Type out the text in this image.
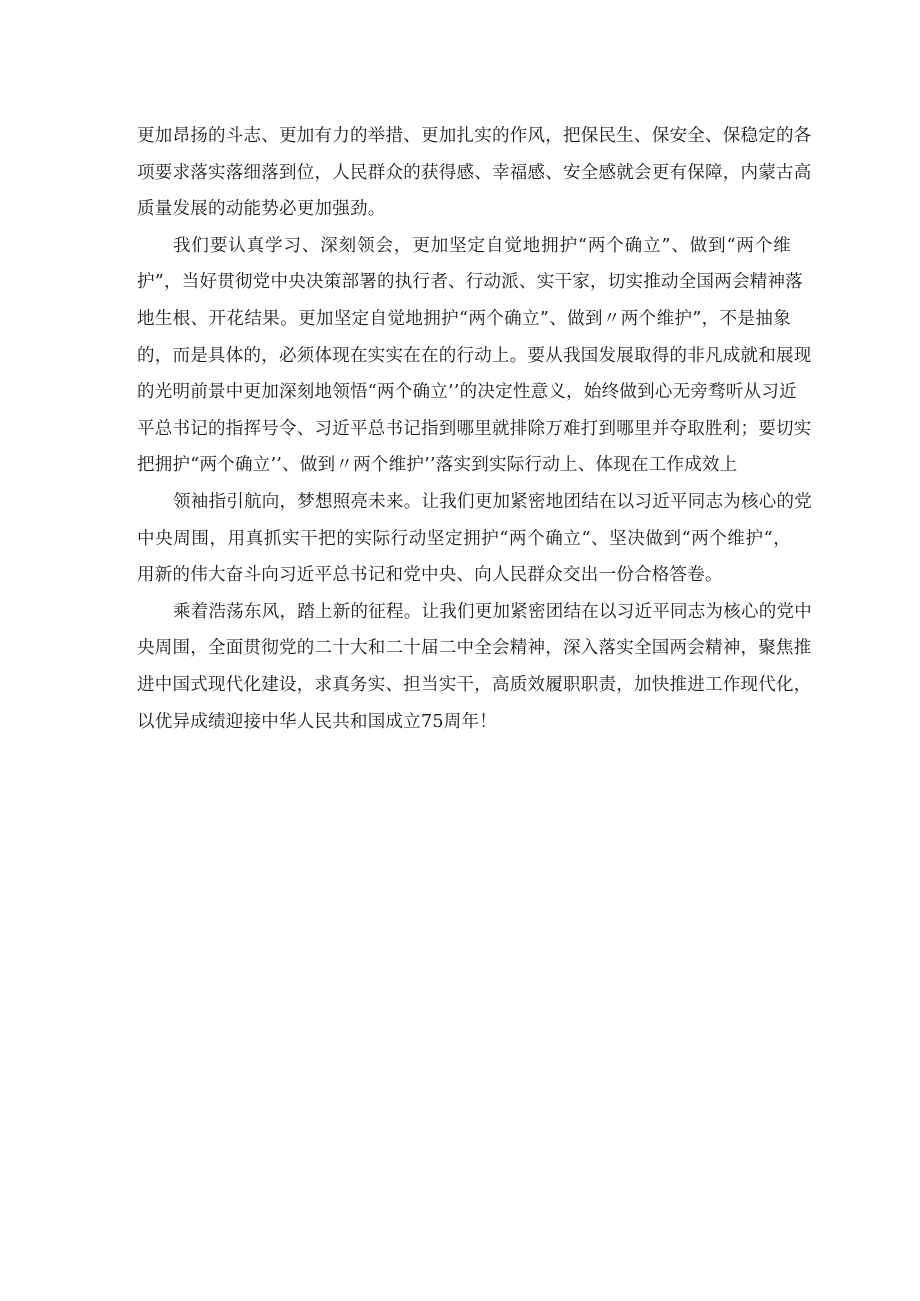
更加昂扬的斗志、更加有力的举措、更加扎实的作风，把保民生、保安全、保稳定的各
项要求落实落细落到位，人民群众的获得感、幸福感、安全感就会更有保障，内蒙古高
质量发展的动能势必更加强劲。
我们要认真学习、深刻领会，更加坚定自觉地拥护“两个确立”、做到“两个维
护”，当好贯彻党中央决策部署的执行者、行动派、实干家，切实推动全国两会精神落
地生根、开花结果。更加坚定自觉地拥护“两个确立”、做到〃两个维护”，不是抽象
的，而是具体的，必须体现在实实在在的行动上。要从我国发展取得的非凡成就和展现
的光明前景中更加深刻地领悟“两个确立’’的决定性意义，始终做到心无旁骛听从习近
平总书记的指挥号令、习近平总书记指到哪里就排除万难打到哪里并夺取胜利；要切实
把拥护“两个确立’’、做到〃两个维护’’落实到实际行动上、体现在工作成效上
领袖指引航向，梦想照亮未来。让我们更加紧密地团结在以习近平同志为核心的党
中央周围，用真抓实干把的实际行动坚定拥护“两个确立“、坚决做到“两个维护“，
用新的伟大奋斗向习近平总书记和党中央、向人民群众交出一份合格答卷。
乘着浩荡东风，踏上新的征程。让我们更加紧密团结在以习近平同志为核心的党中
央周围，全面贯彻党的二十大和二十届二中全会精神，深入落实全国两会精神，聚焦推
进中国式现代化建设，求真务实、担当实干，高质效履职职责，加快推进工作现代化，
以优异成绩迎接中华人民共和国成立75周年！
